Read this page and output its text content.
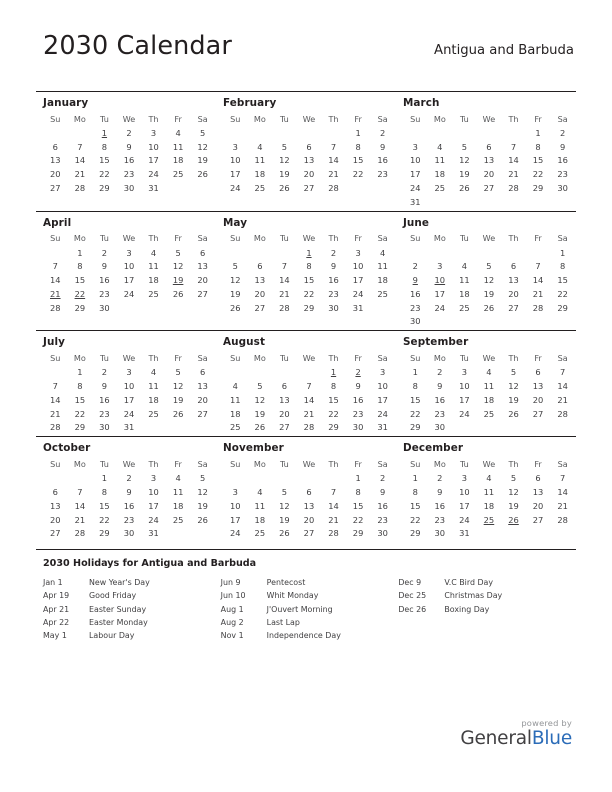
2030 Calendar	Antigua and Barbuda
January
Su	Mo	Tu	We	Th	Fr	Sa
		1	2	3	4	5
6	7	8	9	10	11	12
13	14	15	16	17	18	19
20	21	22	23	24	25	26
27	28	29	30	31		
February
Su	Mo	Tu	We	Th	Fr	Sa
					1	2
3	4	5	6	7	8	9
10	11	12	13	14	15	16
17	18	19	20	21	22	23
24	25	26	27	28		
March
Su	Mo	Tu	We	Th	Fr	Sa
					1	2
3	4	5	6	7	8	9
10	11	12	13	14	15	16
17	18	19	20	21	22	23
24	25	26	27	28	29	30
31						
April
Su	Mo	Tu	We	Th	Fr	Sa
	1	2	3	4	5	6
7	8	9	10	11	12	13
14	15	16	17	18	19	20
21	22	23	24	25	26	27
28	29	30				
May
Su	Mo	Tu	We	Th	Fr	Sa
			1	2	3	4
5	6	7	8	9	10	11
12	13	14	15	16	17	18
19	20	21	22	23	24	25
26	27	28	29	30	31	
June
Su	Mo	Tu	We	Th	Fr	Sa
						1
2	3	4	5	6	7	8
9	10	11	12	13	14	15
16	17	18	19	20	21	22
23	24	25	26	27	28	29
30						
July
Su	Mo	Tu	We	Th	Fr	Sa
	1	2	3	4	5	6
7	8	9	10	11	12	13
14	15	16	17	18	19	20
21	22	23	24	25	26	27
28	29	30	31			
August
Su	Mo	Tu	We	Th	Fr	Sa
				1	2	3
4	5	6	7	8	9	10
11	12	13	14	15	16	17
18	19	20	21	22	23	24
25	26	27	28	29	30	31
September
Su	Mo	Tu	We	Th	Fr	Sa
1	2	3	4	5	6	7
8	9	10	11	12	13	14
15	16	17	18	19	20	21
22	23	24	25	26	27	28
29	30					
October
Su	Mo	Tu	We	Th	Fr	Sa
		1	2	3	4	5
6	7	8	9	10	11	12
13	14	15	16	17	18	19
20	21	22	23	24	25	26
27	28	29	30	31		
November
Su	Mo	Tu	We	Th	Fr	Sa
					1	2
3	4	5	6	7	8	9
10	11	12	13	14	15	16
17	18	19	20	21	22	23
24	25	26	27	28	29	30
December
Su	Mo	Tu	We	Th	Fr	Sa
1	2	3	4	5	6	7
8	9	10	11	12	13	14
15	16	17	18	19	20	21
22	23	24	25	26	27	28
29	30	31				
2030 Holidays for Antigua and Barbuda
Jan 1	New Year's Day
Apr 19	Good Friday
Apr 21	Easter Sunday
Apr 22	Easter Monday
May 1	Labour Day
Jun 9	Pentecost
Jun 10	Whit Monday
Aug 1	J'Ouvert Morning
Aug 2	Last Lap
Nov 1	Independence Day
Dec 9	V.C Bird Day
Dec 25	Christmas Day
Dec 26	Boxing Day
powered by
GeneralBlue
